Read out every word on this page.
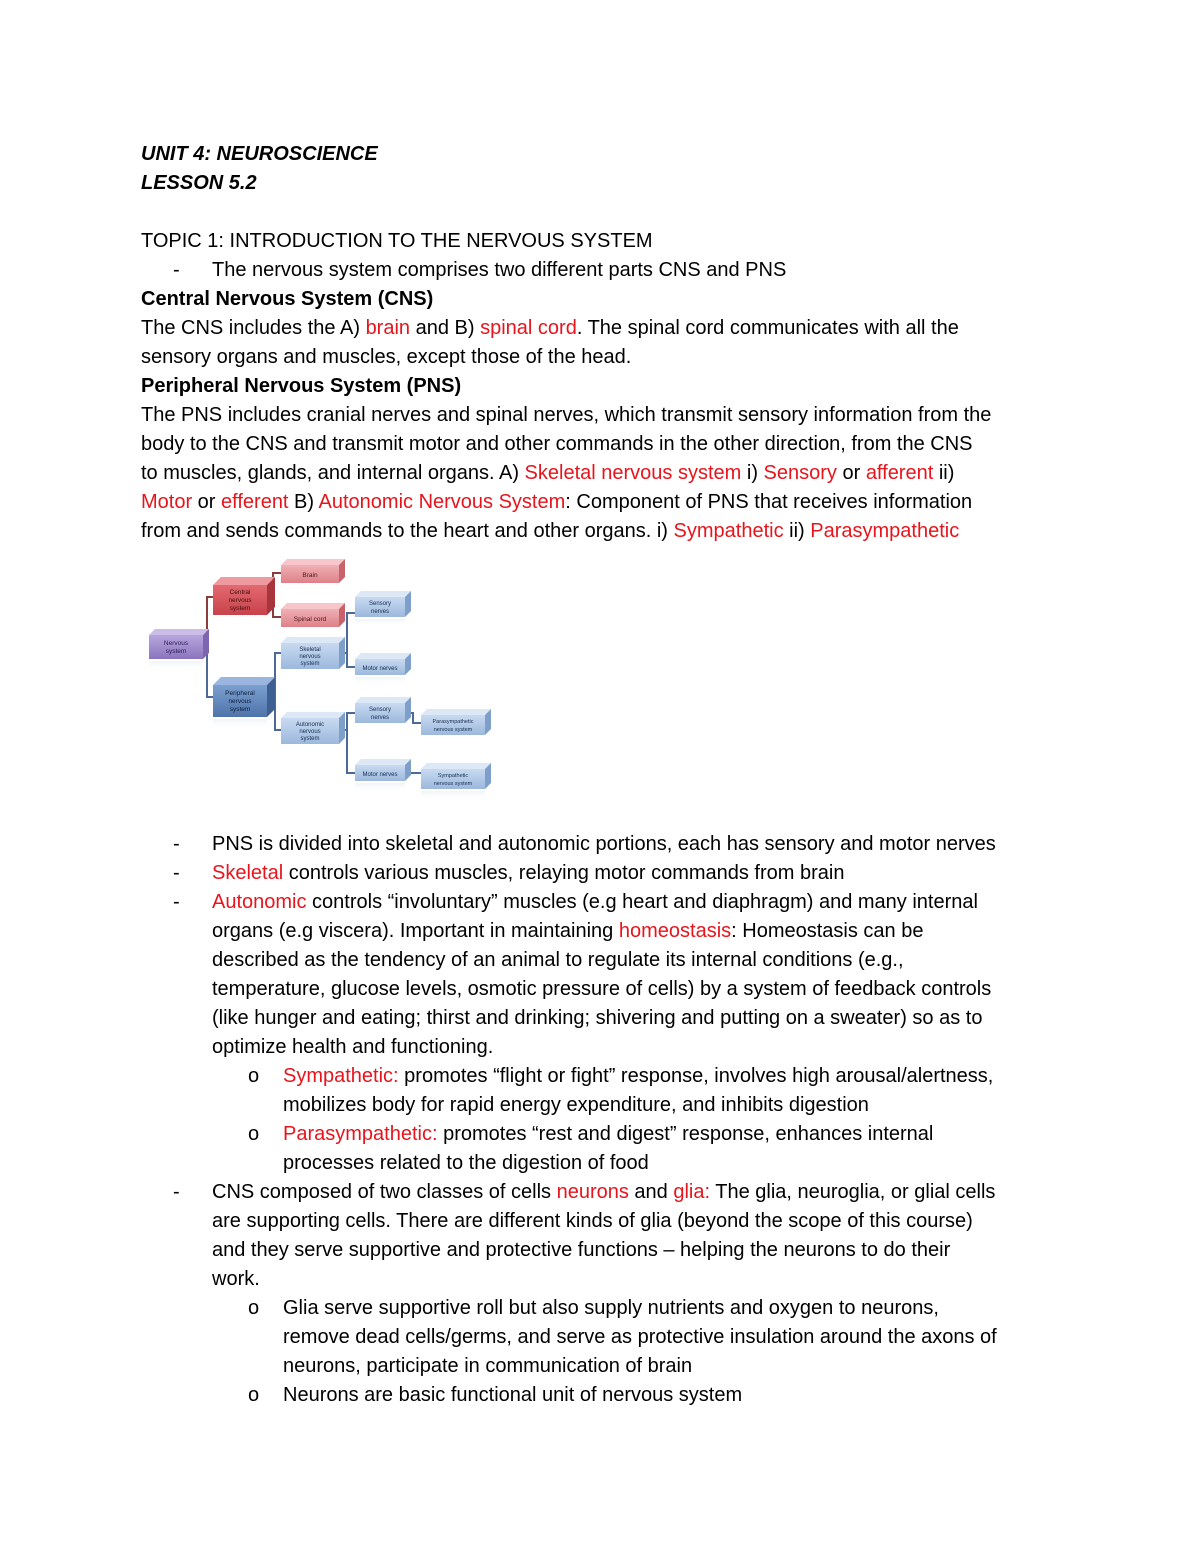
UNIT 4: NEUROSCIENCE
LESSON 5.2
TOPIC 1: INTRODUCTION TO THE NERVOUS SYSTEM
- The nervous system comprises two different parts CNS and PNS
Central Nervous System (CNS)
The CNS includes the A) brain and B) spinal cord. The spinal cord communicates with all the
sensory organs and muscles, except those of the head.
Peripheral Nervous System (PNS)
The PNS includes cranial nerves and spinal nerves, which transmit sensory information from the
body to the CNS and transmit motor and other commands in the other direction, from the CNS
to muscles, glands, and internal organs. A) Skeletal nervous system i) Sensory or afferent ii)
Motor or efferent B) Autonomic Nervous System: Component of PNS that receives information
from and sends commands to the heart and other organs. i) Sympathetic ii) Parasympathetic
Nervous
system
Central
nervous
system
Peripheral
nervous
system
Brain
Spinal cord
Skeletal
nervous
system
Autonomic
nervous
system
Sensory
nerves
Motor nerves
Sensory
nerves
Motor nerves
Parasympathetic
nervous system
Sympathetic
nervous system
- PNS is divided into skeletal and autonomic portions, each has sensory and motor nerves
- Skeletal controls various muscles, relaying motor commands from brain
- Autonomic controls “involuntary” muscles (e.g heart and diaphragm) and many internal
organs (e.g viscera). Important in maintaining homeostasis: Homeostasis can be
described as the tendency of an animal to regulate its internal conditions (e.g.,
temperature, glucose levels, osmotic pressure of cells) by a system of feedback controls
(like hunger and eating; thirst and drinking; shivering and putting on a sweater) so as to
optimize health and functioning.
o Sympathetic: promotes “flight or fight” response, involves high arousal/alertness,
mobilizes body for rapid energy expenditure, and inhibits digestion
o Parasympathetic: promotes “rest and digest” response, enhances internal
processes related to the digestion of food
- CNS composed of two classes of cells neurons and glia: The glia, neuroglia, or glial cells
are supporting cells. There are different kinds of glia (beyond the scope of this course)
and they serve supportive and protective functions – helping the neurons to do their
work.
o Glia serve supportive roll but also supply nutrients and oxygen to neurons,
remove dead cells/germs, and serve as protective insulation around the axons of
neurons, participate in communication of brain
o Neurons are basic functional unit of nervous system
